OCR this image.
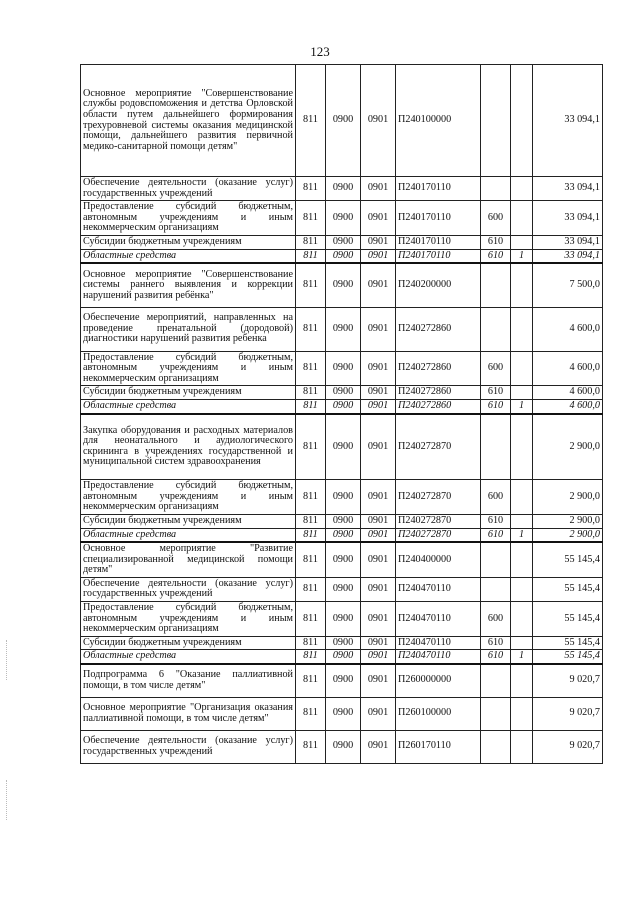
123
Основное мероприятие "Совершенствование службы родовспоможения и детства Орловской области путем дальнейшего формирования трехуровневой системы оказания медицинской помощи, дальнейшего развития первичной медико-санитарной помощи детям"	811	0900	0901	П240100000			33 094,1
Обеспечение деятельности (оказание услуг) государственных учреждений	811	0900	0901	П240170110			33 094,1
Предоставление субсидий бюджетным, автономным учреждениям и иным некоммерческим организациям	811	0900	0901	П240170110	600		33 094,1
Субсидии бюджетным учреждениям	811	0900	0901	П240170110	610		33 094,1
Областные средства	811	0900	0901	П240170110	610	1	33 094,1
Основное мероприятие "Совершенствование системы раннего выявления и коррекции нарушений развития ребёнка"	811	0900	0901	П240200000			7 500,0
Обеспечение мероприятий, направленных на проведение пренатальной (дородовой) диагностики нарушений развития ребенка	811	0900	0901	П240272860			4 600,0
Предоставление субсидий бюджетным, автономным учреждениям и иным некоммерческим организациям	811	0900	0901	П240272860	600		4 600,0
Субсидии бюджетным учреждениям	811	0900	0901	П240272860	610		4 600,0
Областные средства	811	0900	0901	П240272860	610	1	4 600,0
Закупка оборудования и расходных материалов для неонатального и аудиологического скрининга в учреждениях государственной и муниципальной систем здравоохранения	811	0900	0901	П240272870			2 900,0
Предоставление субсидий бюджетным, автономным учреждениям и иным некоммерческим организациям	811	0900	0901	П240272870	600		2 900,0
Субсидии бюджетным учреждениям	811	0900	0901	П240272870	610		2 900,0
Областные средства	811	0900	0901	П240272870	610	1	2 900,0
Основное мероприятие "Развитие специализированной медицинской помощи детям"	811	0900	0901	П240400000			55 145,4
Обеспечение деятельности (оказание услуг) государственных учреждений	811	0900	0901	П240470110			55 145,4
Предоставление субсидий бюджетным, автономным учреждениям и иным некоммерческим организациям	811	0900	0901	П240470110	600		55 145,4
Субсидии бюджетным учреждениям	811	0900	0901	П240470110	610		55 145,4
Областные средства	811	0900	0901	П240470110	610	1	55 145,4
Подпрограмма 6 "Оказание паллиативной помощи, в том числе детям"	811	0900	0901	П260000000			9 020,7
Основное мероприятие "Организация оказания паллиативной помощи, в том числе детям"	811	0900	0901	П260100000			9 020,7
Обеспечение деятельности (оказание услуг) государственных учреждений	811	0900	0901	П260170110			9 020,7
